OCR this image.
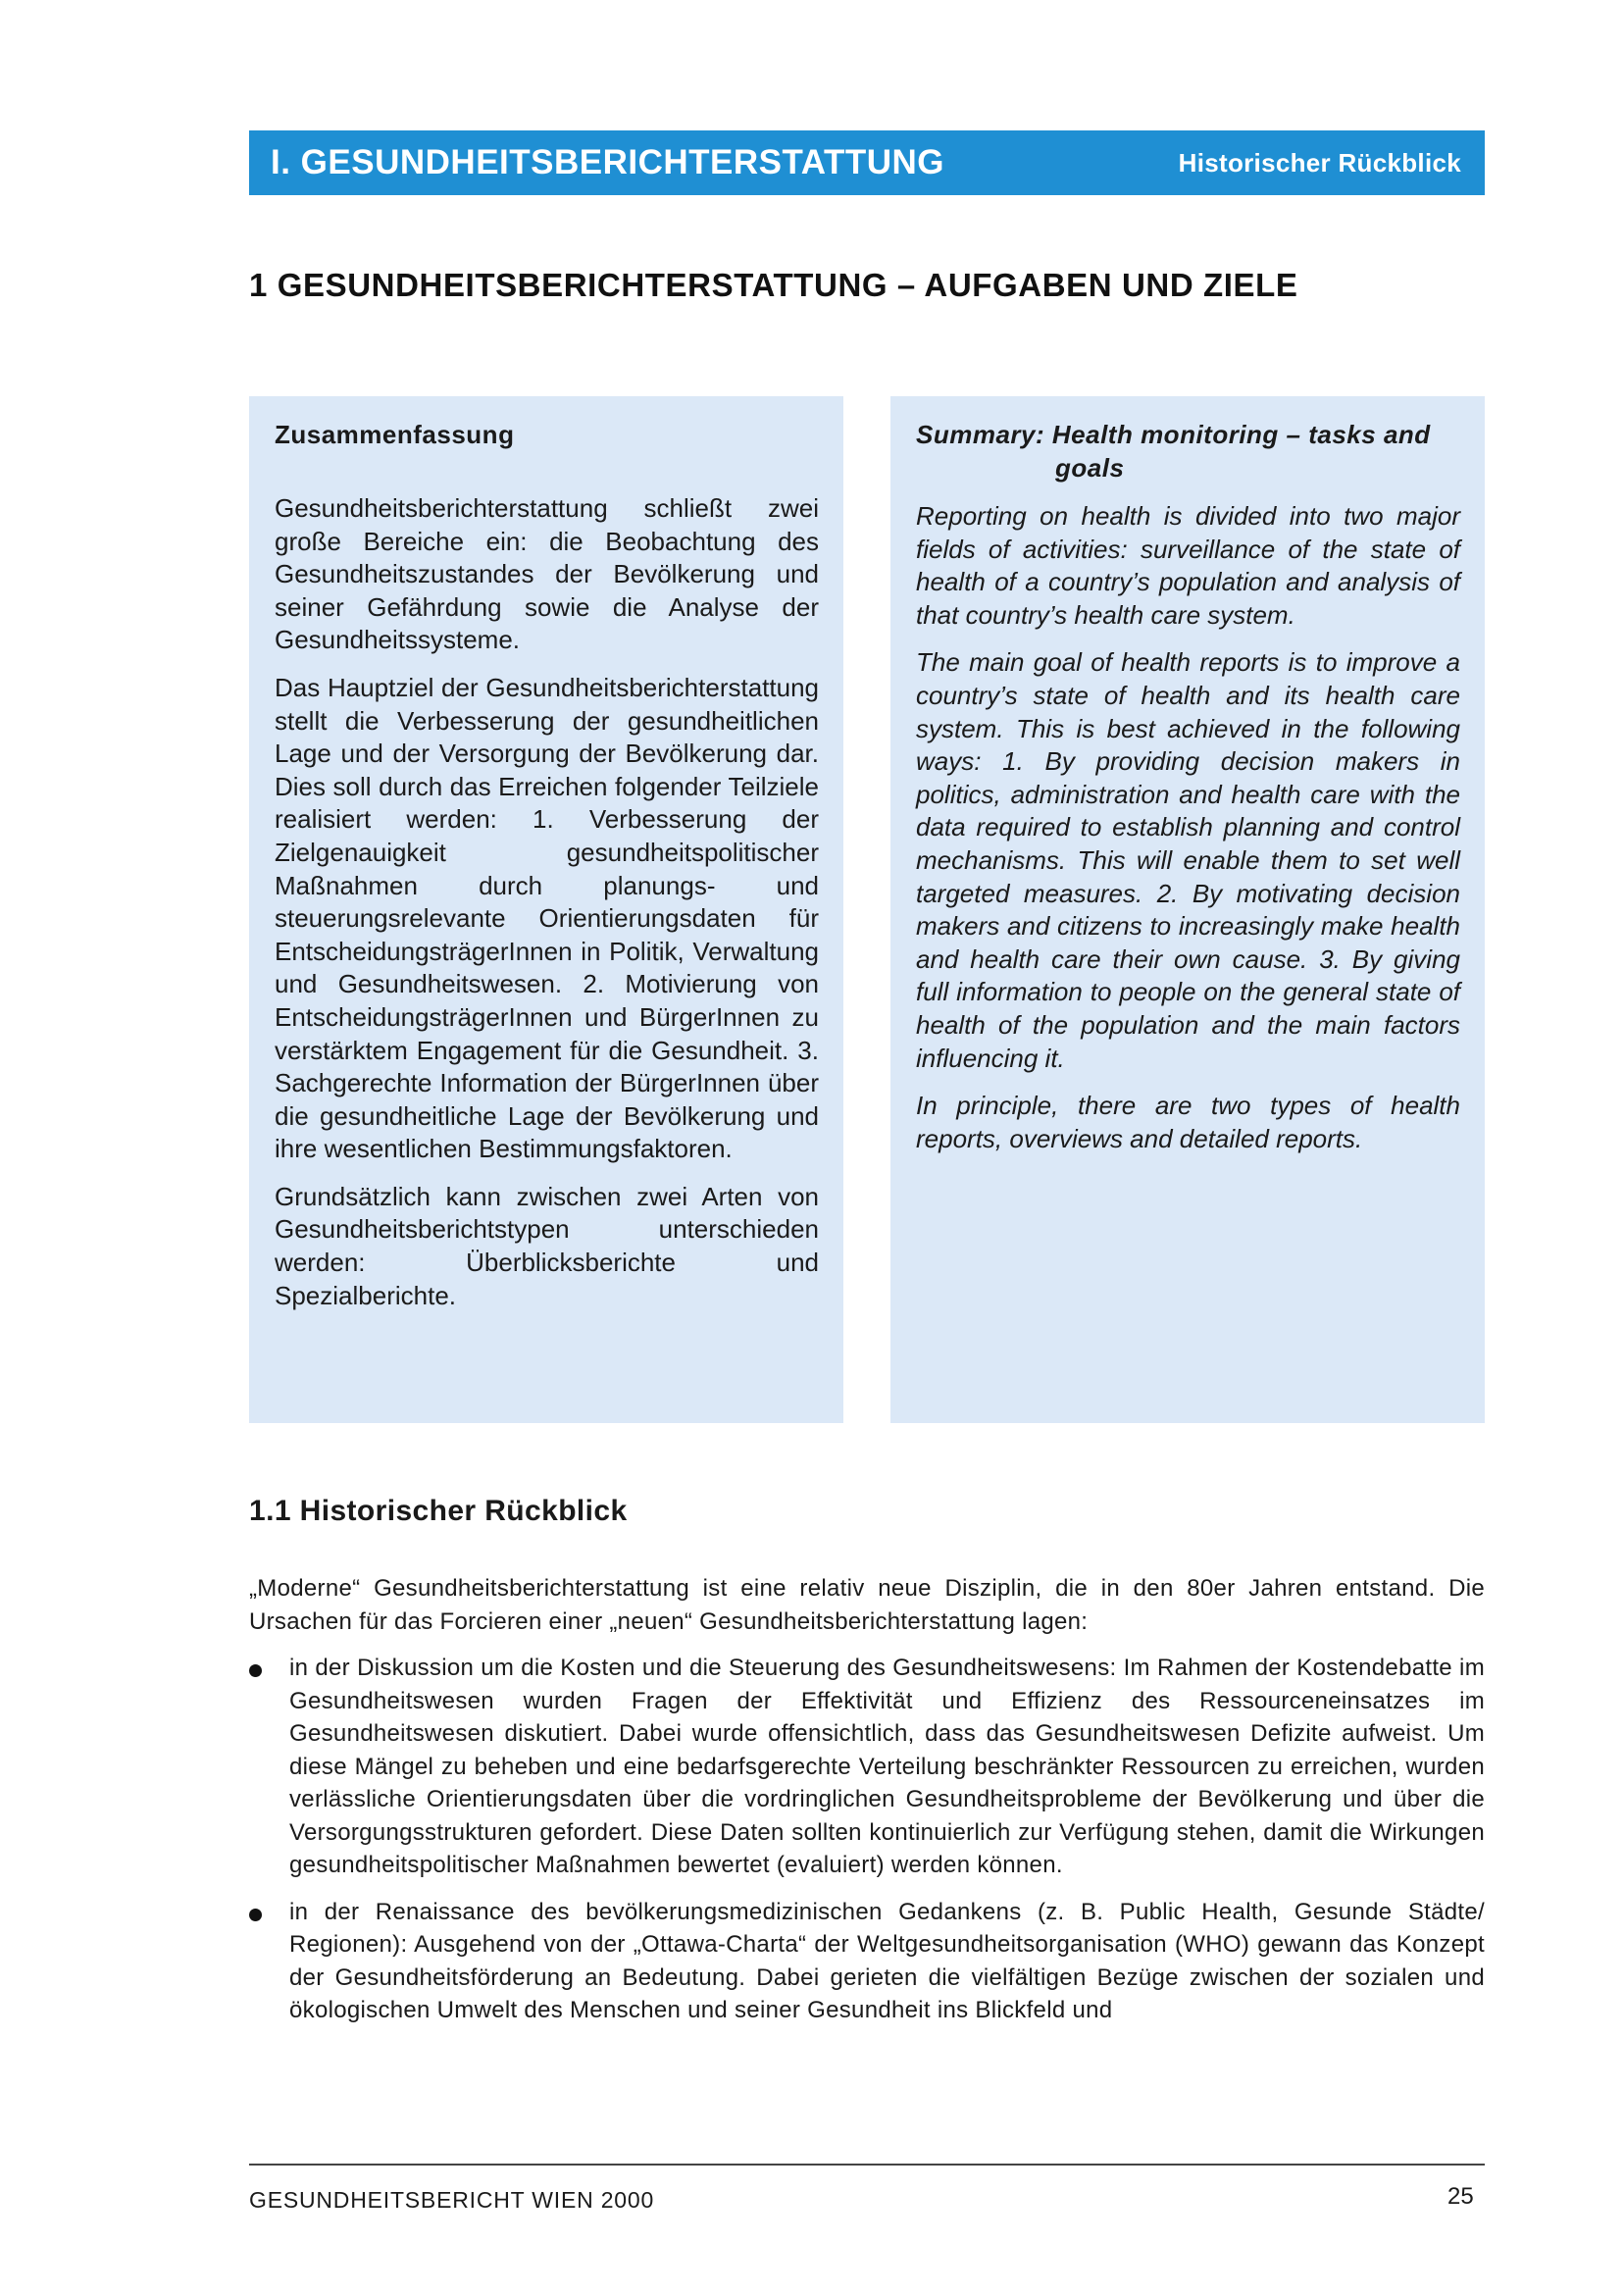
I. GESUNDHEITSBERICHTERSTATTUNG	Historischer Rückblick
1 GESUNDHEITSBERICHTERSTATTUNG – AUFGABEN UND ZIELE
Zusammenfassung

Gesundheitsberichterstattung schließt zwei große Bereiche ein: die Beobachtung des Gesundheitszustandes der Bevölkerung und seiner Gefährdung sowie die Analyse der Gesundheitssysteme.

Das Hauptziel der Gesundheitsberichterstattung stellt die Verbesserung der gesundheitlichen Lage und der Versorgung der Bevölkerung dar. Dies soll durch das Erreichen folgender Teilziele realisiert werden: 1. Verbesserung der Zielgenauigkeit gesundheitspolitischer Maßnahmen durch planungs- und steuerungsrelevante Orientierungsdaten für EntscheidungsträgerInnen in Politik, Verwaltung und Gesundheitswesen. 2. Motivierung von EntscheidungsträgerInnen und BürgerInnen zu verstärktem Engagement für die Gesundheit. 3. Sachgerechte Information der BürgerInnen über die gesundheitliche Lage der Bevölkerung und ihre wesentlichen Bestimmungsfaktoren.

Grundsätzlich kann zwischen zwei Arten von Gesundheitsberichtstypen unterschieden werden: Überblicksberichte und Spezialberichte.

Summary: Health monitoring – tasks and
goals

Reporting on health is divided into two major fields of activities: surveillance of the state of health of a country’s population and analysis of that country’s health care system.

The main goal of health reports is to improve a country’s state of health and its health care system. This is best achieved in the following ways: 1. By providing decision makers in politics, administration and health care with the data required to establish planning and control mechanisms. This will enable them to set well targeted measures. 2. By motivating decision makers and citizens to increasingly make health and health care their own cause. 3. By giving full information to people on the general state of health of the population and the main factors influencing it.

In principle, there are two types of health reports, overviews and detailed reports.

1.1 Historischer Rückblick

„Moderne“ Gesundheitsberichterstattung ist eine relativ neue Disziplin, die in den 80er Jahren entstand. Die Ursachen für das Forcieren einer „neuen“ Gesundheitsberichterstattung lagen:

in der Diskussion um die Kosten und die Steuerung des Gesundheitswesens: Im Rahmen der Kostendebatte im Gesundheitswesen wurden Fragen der Effektivität und Effizienz des Ressourceneinsatzes im Gesundheitswesen diskutiert. Dabei wurde offensichtlich, dass das Gesundheitswesen Defizite aufweist. Um diese Mängel zu beheben und eine bedarfsgerechte Verteilung beschränkter Ressourcen zu erreichen, wurden verlässliche Orientierungsdaten über die vordringlichen Gesundheitsprobleme der Bevölkerung und über die Versorgungsstrukturen gefordert. Diese Daten sollten kontinuierlich zur Verfügung stehen, damit die Wirkungen gesundheitspolitischer Maßnahmen bewertet (evaluiert) werden können.

in der Renaissance des bevölkerungsmedizinischen Gedankens (z. B. Public Health, Gesunde Städte/ Regionen): Ausgehend von der „Ottawa-Charta“ der Weltgesundheitsorganisation (WHO) gewann das Konzept der Gesundheitsförderung an Bedeutung. Dabei gerieten die vielfältigen Bezüge zwischen der sozialen und ökologischen Umwelt des Menschen und seiner Gesundheit ins Blickfeld und

GESUNDHEITSBERICHT WIEN 2000	25
